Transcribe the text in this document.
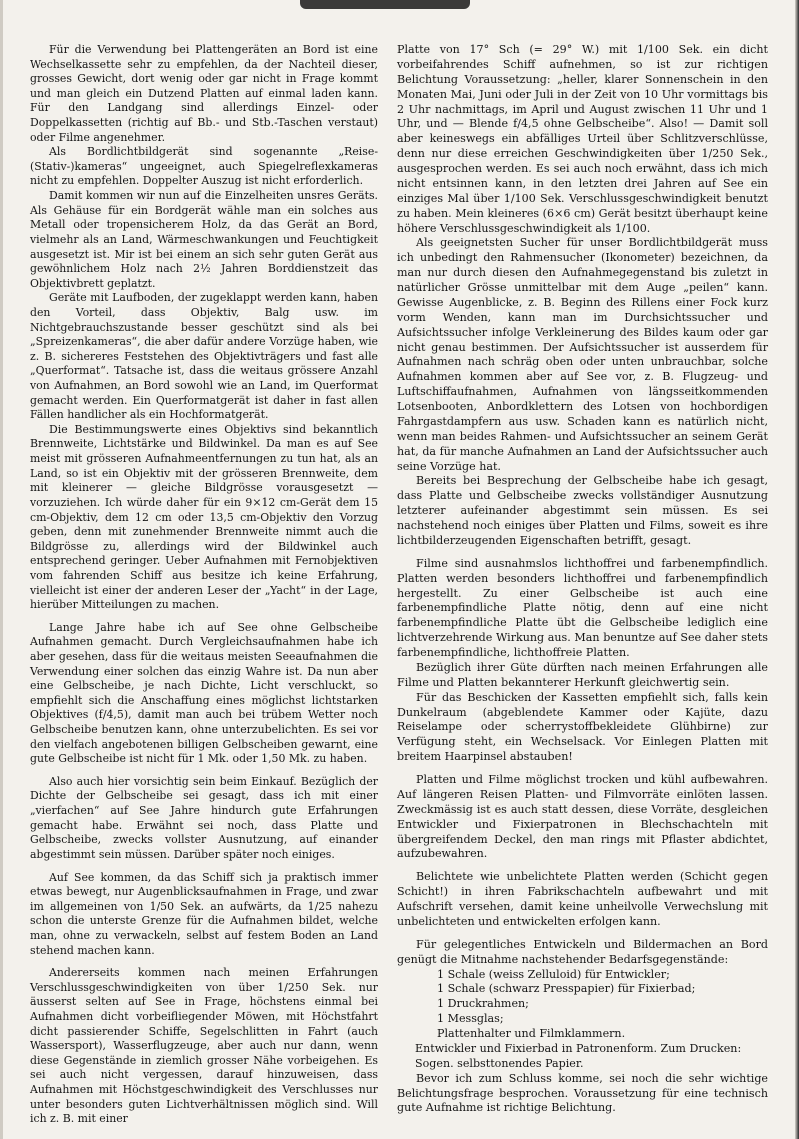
Für die Verwendung bei Plattengeräten an Bord ist eine Wechselkassette sehr zu empfehlen, da der Nachteil dieser, grosses Gewicht, dort wenig oder gar nicht in Frage kommt und man gleich ein Dutzend Platten auf einmal laden kann. Für den Landgang sind allerdings Einzel- oder Doppelkassetten (richtig auf Bb.- und Stb.-Taschen verstaut) oder Filme angenehmer.

Als Bordlichtbildgerät sind sogenannte „Reise-(Stativ-)kameras“ ungeeignet, auch Spiegelreflexkameras nicht zu empfehlen. Doppelter Auszug ist nicht erforderlich.

Damit kommen wir nun auf die Einzelheiten unsres Geräts. Als Gehäuse für ein Bordgerät wähle man ein solches aus Metall oder tropensicherem Holz, da das Gerät an Bord, vielmehr als an Land, Wärmeschwankungen und Feuchtigkeit ausgesetzt ist. Mir ist bei einem an sich sehr guten Gerät aus gewöhnlichem Holz nach 2½ Jahren Borddienstzeit das Objektivbrett geplatzt.

Geräte mit Laufboden, der zugeklappt werden kann, haben den Vorteil, dass Objektiv, Balg usw. im Nichtgebrauchszustande besser geschützt sind als bei „Spreizenkameras“, die aber dafür andere Vorzüge haben, wie z. B. sichereres Feststehen des Objektivträgers und fast alle „Querformat“. Tatsache ist, dass die weitaus grössere Anzahl von Aufnahmen, an Bord sowohl wie an Land, im Querformat gemacht werden. Ein Querformatgerät ist daher in fast allen Fällen handlicher als ein Hochformatgerät.

Die Bestimmungswerte eines Objektivs sind bekanntlich Brennweite, Lichtstärke und Bildwinkel. Da man es auf See meist mit grösseren Aufnahmeentfernungen zu tun hat, als an Land, so ist ein Objektiv mit der grösseren Brennweite, dem mit kleinerer — gleiche Bildgrösse vorausgesetzt — vorzuziehen. Ich würde daher für ein 9×12 cm-Gerät dem 15 cm-Objektiv, dem 12 cm oder 13,5 cm-Objektiv den Vorzug geben, denn mit zunehmender Brennweite nimmt auch die Bildgrösse zu, allerdings wird der Bildwinkel auch entsprechend geringer. Ueber Aufnahmen mit Fernobjektiven vom fahrenden Schiff aus besitze ich keine Erfahrung, vielleicht ist einer der anderen Leser der „Yacht“ in der Lage, hierüber Mitteilungen zu machen.

Lange Jahre habe ich auf See ohne Gelbscheibe Aufnahmen gemacht. Durch Vergleichsaufnahmen habe ich aber gesehen, dass für die weitaus meisten Seeaufnahmen die Verwendung einer solchen das einzig Wahre ist. Da nun aber eine Gelbscheibe, je nach Dichte, Licht verschluckt, so empfiehlt sich die Anschaffung eines möglichst lichtstarken Objektives (f/4,5), damit man auch bei trübem Wetter noch Gelbscheibe benutzen kann, ohne unterzubelichten. Es sei vor den vielfach angebotenen billigen Gelbscheiben gewarnt, eine gute Gelbscheibe ist nicht für 1 Mk. oder 1,50 Mk. zu haben.

Also auch hier vorsichtig sein beim Einkauf. Bezüglich der Dichte der Gelbscheibe sei gesagt, dass ich mit einer „vierfachen“ auf See Jahre hindurch gute Erfahrungen gemacht habe. Erwähnt sei noch, dass Platte und Gelbscheibe, zwecks vollster Ausnutzung, auf einander abgestimmt sein müssen. Darüber später noch einiges.

Auf See kommen, da das Schiff sich ja praktisch immer etwas bewegt, nur Augenblicksaufnahmen in Frage, und zwar im allgemeinen von 1/50 Sek. an aufwärts, da 1/25 nahezu schon die unterste Grenze für die Aufnahmen bildet, welche man, ohne zu verwackeln, selbst auf festem Boden an Land stehend machen kann.

Andererseits kommen nach meinen Erfahrungen Verschlussgeschwindigkeiten von über 1/250 Sek. nur äusserst selten auf See in Frage, höchstens einmal bei Aufnahmen dicht vorbeifliegender Möwen, mit Höchstfahrt dicht passierender Schiffe, Segelschlitten in Fahrt (auch Wassersport), Wasserflugzeuge, aber auch nur dann, wenn diese Gegenstände in ziemlich grosser Nähe vorbeigehen. Es sei auch nicht vergessen, darauf hinzuweisen, dass Aufnahmen mit Höchstgeschwindigkeit des Verschlusses nur unter besonders guten Lichtverhältnissen möglich sind. Will ich z. B. mit einer

Platte von 17° Sch (= 29° W.) mit 1/100 Sek. ein dicht vorbeifahrendes Schiff aufnehmen, so ist zur richtigen Belichtung Voraussetzung: „heller, klarer Sonnenschein in den Monaten Mai, Juni oder Juli in der Zeit von 10 Uhr vormittags bis 2 Uhr nachmittags, im April und August zwischen 11 Uhr und 1 Uhr, und — Blende f/4,5 ohne Gelbscheibe“. Also! — Damit soll aber keineswegs ein abfälliges Urteil über Schlitzverschlüsse, denn nur diese erreichen Geschwindigkeiten über 1/250 Sek., ausgesprochen werden. Es sei auch noch erwähnt, dass ich mich nicht entsinnen kann, in den letzten drei Jahren auf See ein einziges Mal über 1/100 Sek. Verschlussgeschwindigkeit benutzt zu haben. Mein kleineres (6×6 cm) Gerät besitzt überhaupt keine höhere Verschlussgeschwindigkeit als 1/100.

Als geeignetsten Sucher für unser Bordlichtbildgerät muss ich unbedingt den Rahmensucher (Ikonometer) bezeichnen, da man nur durch diesen den Aufnahmegegenstand bis zuletzt in natürlicher Grösse unmittelbar mit dem Auge „peilen“ kann. Gewisse Augenblicke, z. B. Beginn des Rillens einer Fock kurz vorm Wenden, kann man im Durchsichtssucher und Aufsichtssucher infolge Verkleinerung des Bildes kaum oder gar nicht genau bestimmen. Der Aufsichtssucher ist ausserdem für Aufnahmen nach schräg oben oder unten unbrauchbar, solche Aufnahmen kommen aber auf See vor, z. B. Flugzeug- und Luftschiffaufnahmen, Aufnahmen von längsseitkommenden Lotsenbooten, Anbordklettern des Lotsen von hochbordigen Fahrgastdampfern aus usw. Schaden kann es natürlich nicht, wenn man beides Rahmen- und Aufsichtssucher an seinem Gerät hat, da für manche Aufnahmen an Land der Aufsichtssucher auch seine Vorzüge hat.

Bereits bei Besprechung der Gelbscheibe habe ich gesagt, dass Platte und Gelbscheibe zwecks vollständiger Ausnutzung letzterer aufeinander abgestimmt sein müssen. Es sei nachstehend noch einiges über Platten und Films, soweit es ihre lichtbilderzeugenden Eigenschaften betrifft, gesagt.

Filme sind ausnahmslos lichthoffrei und farbenempfindlich. Platten werden besonders lichthoffrei und farbenempfindlich hergestellt. Zu einer Gelbscheibe ist auch eine farbenempfindliche Platte nötig, denn auf eine nicht farbenempfindliche Platte übt die Gelbscheibe lediglich eine lichtverzehrende Wirkung aus. Man benuntze auf See daher stets farbenempfindliche, lichthoffreie Platten.

Bezüglich ihrer Güte dürften nach meinen Erfahrungen alle Filme und Platten bekannterer Herkunft gleichwertig sein.

Für das Beschicken der Kassetten empfiehlt sich, falls kein Dunkelraum (abgeblendete Kammer oder Kajüte, dazu Reiselampe oder scherrystoffbekleidete Glühbirne) zur Verfügung steht, ein Wechselsack. Vor Einlegen Platten mit breitem Haarpinsel abstauben!

Platten und Filme möglichst trocken und kühl aufbewahren. Auf längeren Reisen Platten- und Filmvorräte einlöten lassen. Zweckmässig ist es auch statt dessen, diese Vorräte, desgleichen Entwickler und Fixierpatronen in Blechschachteln mit übergreifendem Deckel, den man rings mit Pflaster abdichtet, aufzubewahren.

Belichtete wie unbelichtete Platten werden (Schicht gegen Schicht!) in ihren Fabrikschachteln aufbewahrt und mit Aufschrift versehen, damit keine unheilvolle Verwechslung mit unbelichteten und entwickelten erfolgen kann.

Für gelegentliches Entwickeln und Bildermachen an Bord genügt die Mitnahme nachstehender Bedarfsgegenstände:

1 Schale (weiss Zelluloid) für Entwickler;

1 Schale (schwarz Presspapier) für Fixierbad;

1 Druckrahmen;

1 Messglas;

Plattenhalter und Filmklammern.

Entwickler und Fixierbad in Patronenform. Zum Drucken: Sogen. selbsttonendes Papier.

Bevor ich zum Schluss komme, sei noch die sehr wichtige Belichtungsfrage besprochen. Voraussetzung für eine technisch gute Aufnahme ist richtige Belichtung.
